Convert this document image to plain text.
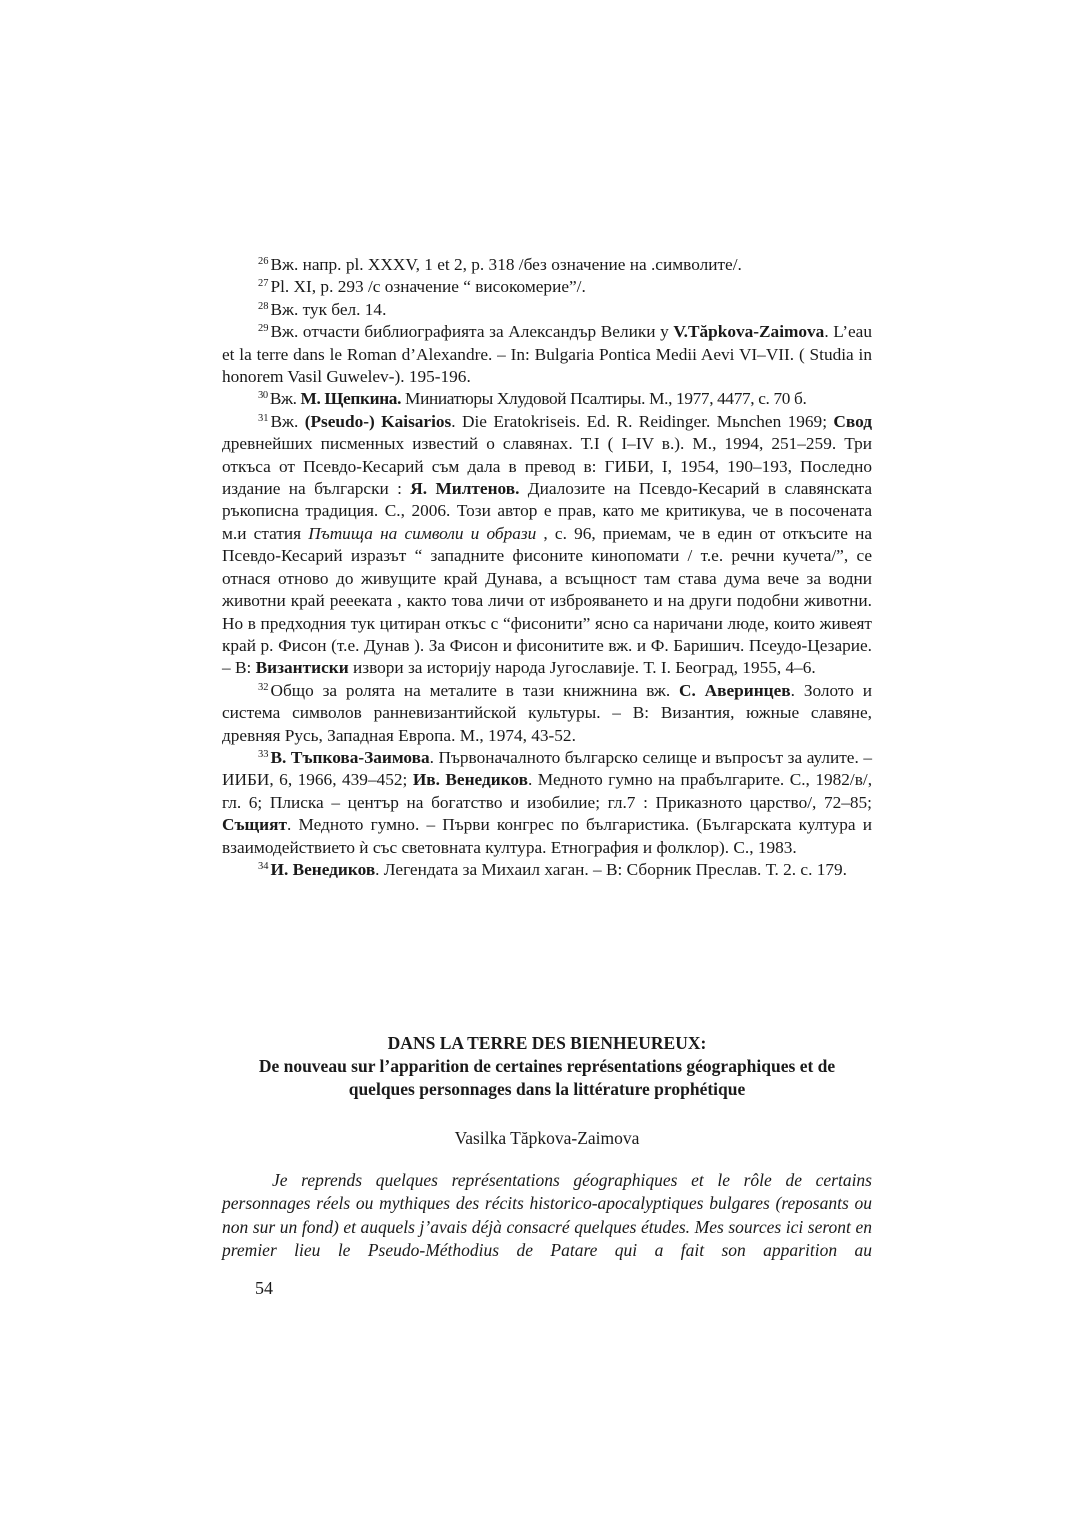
$^{26}$ Вж. напр. pl. XXXV, 1 et 2, p. 318 /без означение на .символите/.

$^{27}$ Pl. XI, p. 293 /с означение “ високомерие”/.

$^{28}$ Вж. тук бел. 14.

$^{29}$ Вж. отчасти библиографията за Александър Велики у V.Tăpkova-Zaimova. L’eau et la terre dans le Roman d’Alexandre. – In: Bulgaria Pontica Medii Aevi VI–VII. ( Studia in honorem Vasil Guwelev-). 195-196.

$^{30}$ Вж. М. Щепкина. Миниатюры Хлудовой Псалтиры. М., 1977, 4477, с. 70 б.

$^{31}$ Вж. (Pseudo-) Kaisarios. Die Eratokriseis. Ed. R. Reidinger. Mьnchen 1969; Свод древнейших писменных известий о славянах. Т.I ( I–IV в.). М., 1994, 251–259. Три откъса от Псевдо-Кесарий съм дала в превод в: ГИБИ, I, 1954, 190–193, Последно издание на български : Я. Милтенов. Диалозите на Псевдо-Кесарий в славянската ръкописна традиция. С., 2006. Този автор е прав, като ме критикува, че в посочената м.и статия Пътища на символи и образи , с. 96, приемам, че в един от откъсите на Псевдо-Кесарий изразът “ западните фисоните кинопомати / т.е. речни кучета/”, се отнася отново до живущите край Дунава, а всъщност там става дума вече за водни животни край рееeката , както това личи от изброяването и на други подобни животни. Но в предходния тук цитиран откъс с “фисонити” ясно са наричани люде, които живеят край р. Фисон (т.е. Дунав ). За Фисон и фисонитите вж. и Ф. Баришич. Псеудо-Цезарие. – В: Византиски извори за историjу народа Jугославиjе. Т. I. Београд, 1955, 4–6.

$^{32}$ Общо за ролята на металите в тази книжнина вж. С. Аверинцев. Золото и система символов ранневизантийской культуры. – В: Византия, южные славяне, древняя Русь, Западная Европа. М., 1974, 43-52.

$^{33}$ В. Тъпкова-Заимова. Първоначалното българско селище и въпросът за аулите. – ИИБИ, 6, 1966, 439–452; Ив. Венедиков. Медното гумно на прабългарите. С., 1982/в/, гл. 6; Плиска – център на богатство и изобилие; гл.7 : Приказното царство/, 72–85; Същият. Медното гумно. – Първи конгрес по българистика. (Българската култура и взаимодействието ѝ със световната култура. Етнография и фолклор). С., 1983.

$^{34}$ И. Венедиков. Легендата за Михаил хаган. – В: Сборник Преслав. Т. 2. с. 179.

DANS LA TERRE DES BIENHEUREUX:

De nouveau sur l’apparition de certaines représentations géographiques et de

quelques personnages dans la littérature prophétique

Vasilka Tăpkova-Zaimova

Je reprends quelques représentations géographiques et le rôle de certains personnages réels ou mythiques des récits historico-apocalyptiques bulgares (reposants ou non sur un fond) et auquels j’avais déjà consacré quelques études. Mes sources ici seront en premier lieu le Pseudo-Méthodius de Patare qui a fait son apparition au

54
